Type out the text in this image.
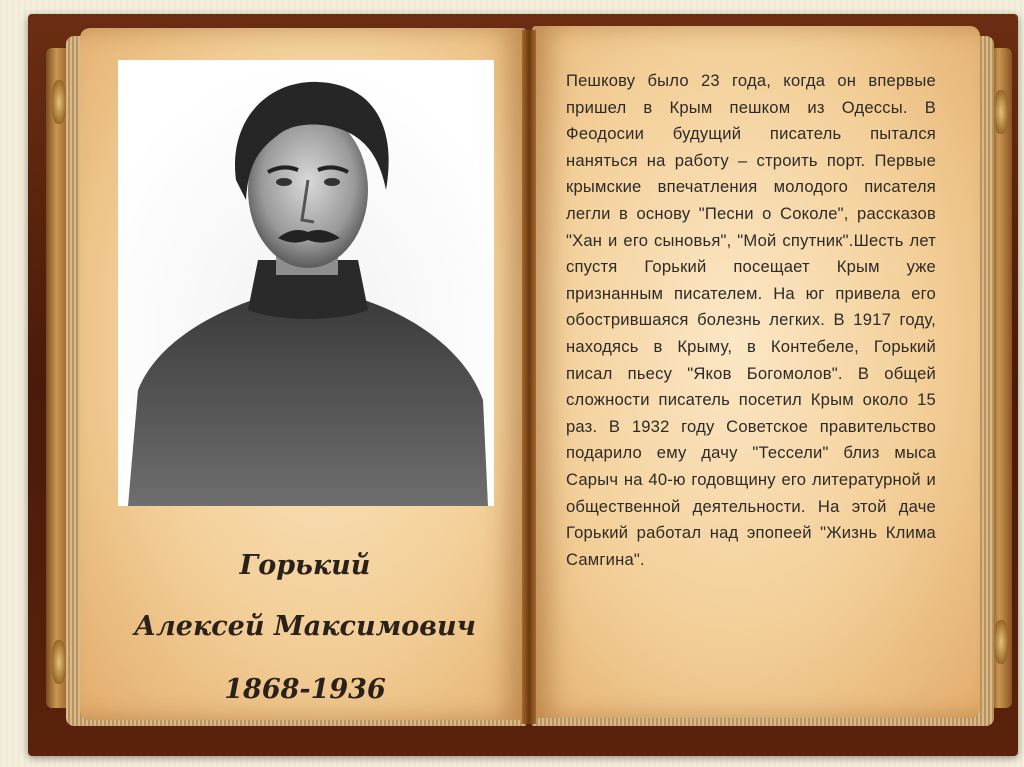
Горький
Алексей Максимович
1868-1936
Пешкову было 23 года, когда он впервые пришел в Крым пешком из Одессы. В Феодосии будущий писатель пытался наняться на работу – строить порт. Первые крымские впечатления молодого писателя легли в основу "Песни о Соколе", рассказов "Хан и его сыновья", "Мой спутник".Шесть лет спустя Горький посещает Крым уже признанным писателем. На юг привела его обострившаяся болезнь легких. В 1917 году, находясь в Крыму, в Контебеле, Горький писал пьесу "Яков Богомолов". В общей сложности писатель посетил Крым около 15 раз. В 1932 году Советское правительство подарило ему дачу "Тессели" близ мыса Сарыч на 40-ю годовщину его литературной и общественной деятельности. На этой даче Горький работал над эпопеей "Жизнь Клима Самгина".
